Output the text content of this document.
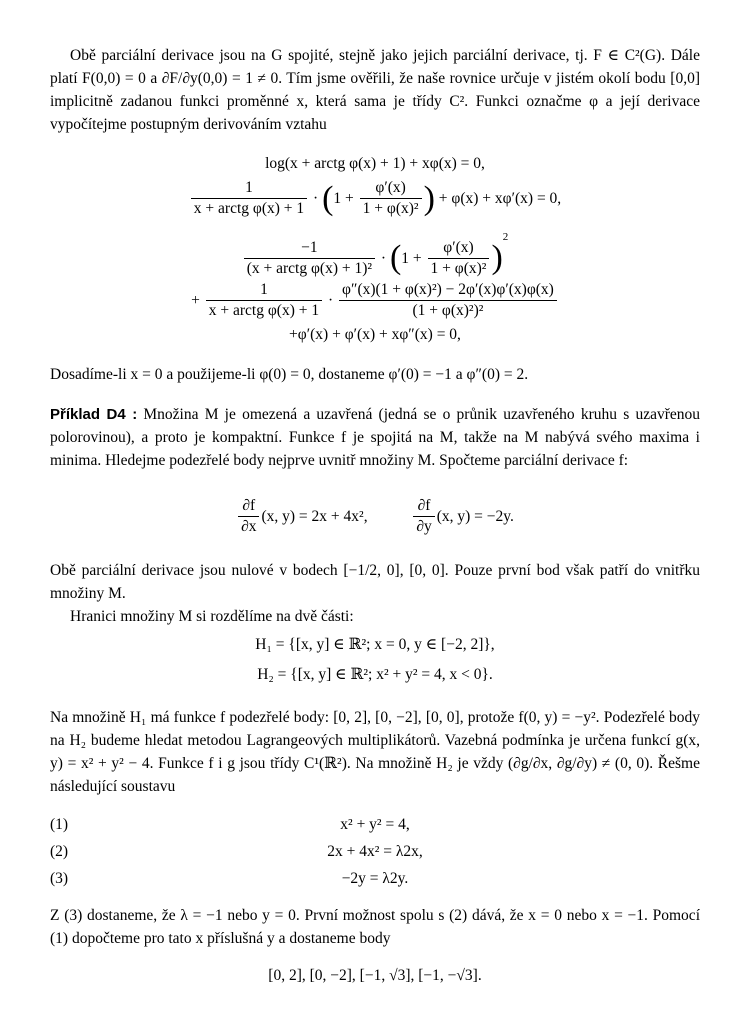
Obě parciální derivace jsou na G spojité, stejně jako jejich parciální derivace, tj. F ∈ C²(G). Dále platí F(0,0) = 0 a ∂F/∂y(0,0) = 1 ≠ 0. Tím jsme ověřili, že naše rovnice určuje v jistém okolí bodu [0,0] implicitně zadanou funkci proměnné x, která sama je třídy C². Funkci označme φ a její derivace vypočítejme postupným derivováním vztahu

log(x + arctg φ(x) + 1) + xφ(x) = 0,
$\frac{1}{\text{x + arctg φ(x) + 1}} \cdot (1 + \frac{\varphi'(x)}{\text{1 + φ(x)²}}$ ) + φ(x) + xφ′(x) = 0,
$\frac{-1}{\text{(x + arctg φ(x) + 1)²}} \cdot (1 + \frac{\varphi'(x)}{\text{1 + φ(x)²}} )^2$
+ $\frac{1}{\text{x + arctg φ(x) + 1}} \cdot \frac{\text{φ″(x)(1 + φ(x)²) − 2φ′(x)φ′(x)φ(x)}}{\text{(1 + φ(x)²)²}}$
+φ′(x) + φ′(x) + xφ″(x) = 0,

Dosadíme-li x = 0 a použijeme-li φ(0) = 0, dostaneme φ′(0) = −1 a φ″(0) = 2.

Příklad D4 : Množina M je omezená a uzavřená (jedná se o průnik uzavřeného kruhu s uzavřenou polorovinou), a proto je kompaktní. Funkce f je spojitá na M, takže na M nabývá svého maxima i minima. Hledejme podezřelé body nejprve uvnitř množiny M. Spočteme parciální derivace f:

$\frac{\partial f}{\partial x} (x$, y) = 2x + 4x²,	$\frac{\partial f}{\partial y} (x$, y) = −2y.

Obě parciální derivace jsou nulové v bodech [−1/2, 0], [0, 0]. Pouze první bod však patří do vnitřku množiny M.

Hranici množiny M si rozdělíme na dvě části:

H₁ = {[x, y] ∈ ℝ²; x = 0, y ∈ [−2, 2]},
H₂ = {[x, y] ∈ ℝ²; x² + y² = 4, x < 0}.

Na množině H₁ má funkce f podezřelé body: [0, 2], [0, −2], [0, 0], protože f(0, y) = −y². Podezřelé body na H₂ budeme hledat metodou Lagrangeových multiplikátorů. Vazebná podmínka je určena funkcí g(x, y) = x² + y² − 4. Funkce f i g jsou třídy C¹(ℝ²). Na množině H₂ je vždy (∂g/∂x, ∂g/∂y) ≠ (0, 0). Řešme následující soustavu

(1)	x² + y² = 4,
(2)	2x + 4x² = λ2x,
(3)	−2y = λ2y.

Z (3) dostaneme, že λ = −1 nebo y = 0. První možnost spolu s (2) dává, že x = 0 nebo x = −1. Pomocí (1) dopočteme pro tato x příslušná y a dostaneme body

[0, 2], [0, −2], [−1, √3], [−1, −√3].
